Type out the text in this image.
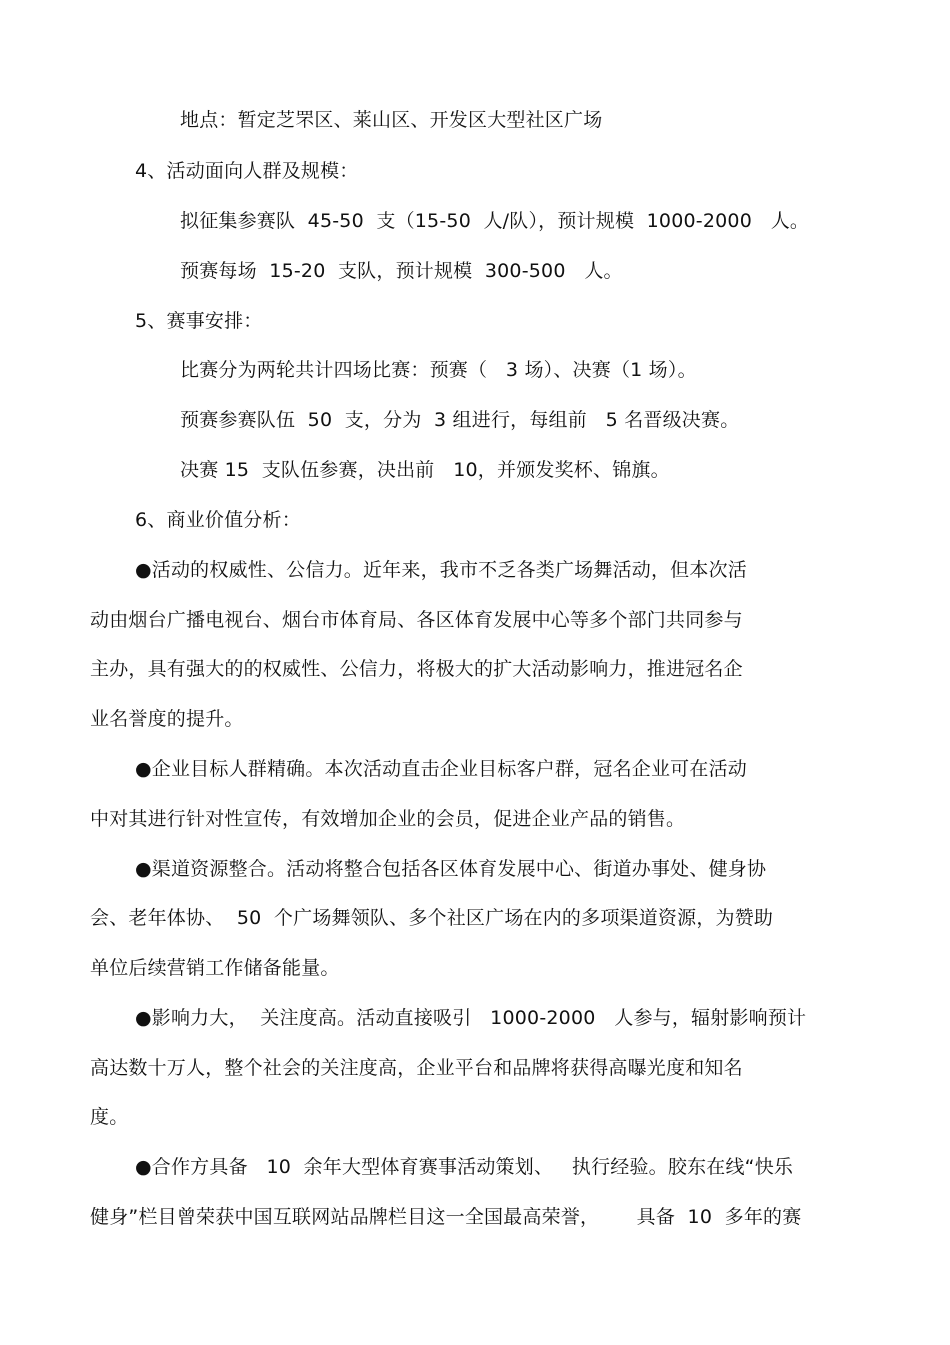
地点：暂定芝罘区、莱山区、开发区大型社区广场
4、活动面向人群及规模：
拟征集参赛队  45-50  支（15-50  人/队），预计规模  1000-2000   人。
预赛每场  15-20  支队，预计规模  300-500   人。
5、赛事安排：
比赛分为两轮共计四场比赛：预赛（   3 场）、决赛（1 场）。
预赛参赛队伍  50  支，分为  3 组进行，每组前   5 名晋级决赛。
决赛 15  支队伍参赛，决出前   10，并颁发奖杯、锦旗。
6、商业价值分析：
●活动的权威性、公信力。近年来，我市不乏各类广场舞活动，但本次活
动由烟台广播电视台、烟台市体育局、各区体育发展中心等多个部门共同参与
主办，具有强大的的权威性、公信力，将极大的扩大活动影响力，推进冠名企
业名誉度的提升。
●企业目标人群精确。本次活动直击企业目标客户群，冠名企业可在活动
中对其进行针对性宣传，有效增加企业的会员，促进企业产品的销售。
●渠道资源整合。活动将整合包括各区体育发展中心、街道办事处、健身协
会、老年体协、  50  个广场舞领队、多个社区广场在内的多项渠道资源，为赞助
单位后续营销工作储备能量。
●影响力大，  关注度高。活动直接吸引   1000-2000   人参与，辐射影响预计
高达数十万人，整个社会的关注度高，企业平台和品牌将获得高曝光度和知名
度。
●合作方具备   10  余年大型体育赛事活动策划、   执行经验。胶东在线“快乐
健身”栏目曾荣获中国互联网站品牌栏目这一全国最高荣誉，      具备  10  多年的赛
